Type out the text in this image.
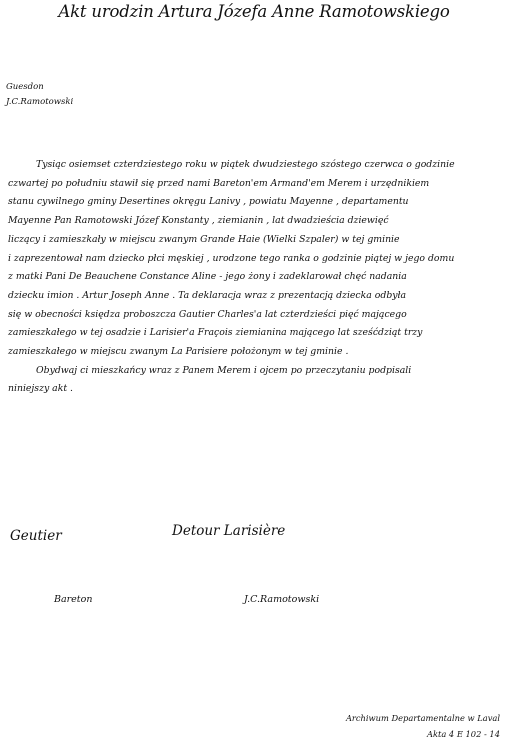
Akt urodzin Artura Józefa Anne Ramotowskiego
Guesdon
J.C.Ramotowski
Tysiąc osiemset czterdziestego roku w piątek dwudziestego szóstego czerwca o godzinie
czwartej po południu stawił się przed nami Bareton'em Armand'em Merem i urzędnikiem
stanu cywilnego gminy Desertines okręgu Lanivy , powiatu Mayenne , departamentu
Mayenne Pan Ramotowski Józef Konstanty , ziemianin , lat dwadzieścia dziewięć
liczący i zamieszkały w miejscu zwanym Grande Haie (Wielki Szpaler) w tej gminie
i zaprezentował nam dziecko płci męskiej , urodzone tego ranka o godzinie piątej w jego domu
z matki Pani De Beauchene Constance Aline - jego żony i zadeklarował chęć nadania
dziecku imion . Artur Joseph Anne . Ta deklaracja wraz z prezentacją dziecka odbyła
się w obecności księdza proboszcza Gautier Charles'a lat czterdzieści pięć mającego
zamieszkałego w tej osadzie i Larisier'a Fraçois ziemianina mającego lat sześćdziąt trzy
zamieszkałego w miejscu zwanym La Parisiere położonym w tej gminie .
Obydwaj ci mieszkańcy wraz z Panem Merem i ojcem po przeczytaniu podpisali
niniejszy akt .
Geutier	Detour Larisière
Bareton	J.C.Ramotowski
Archiwum Departamentalne w Laval
Akta 4 E 102 - 14
